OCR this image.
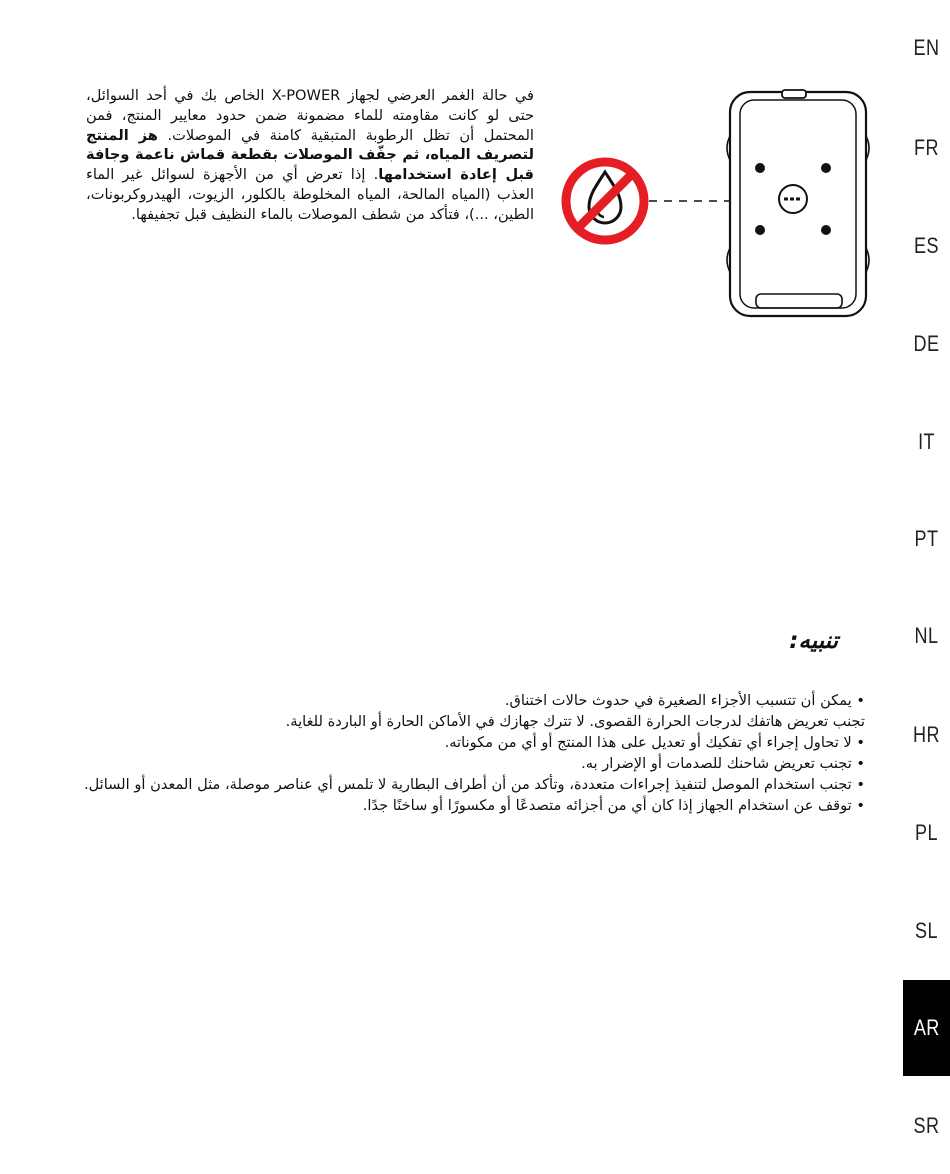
EN
FR
ES
DE
IT
PT
NL
HR
PL
SL
AR
SR
في حالة الغمر العرضي لجهاز X-POWER الخاص بك في أحد السوائل، حتى لو كانت مقاومته للماء مضمونة ضمن حدود معايير المنتج، فمن المحتمل أن تظل الرطوبة المتبقية كامنة في الموصلات. هز المنتج لتصريف المياه، ثم جفّف الموصلات بقطعة قماش ناعمة وجافة قبل إعادة استخدامها. إذا تعرض أي من الأجهزة لسوائل غير الماء العذب (المياه المالحة، المياه المخلوطة بالكلور، الزيوت، الهيدروكربونات، الطين، ...)، فتأكد من شطف الموصلات بالماء النظيف قبل تجفيفها.
تنبيه:
• يمكن أن تتسبب الأجزاء الصغيرة في حدوث حالات اختناق.
تجنب تعريض هاتفك لدرجات الحرارة القصوى. لا تترك جهازك في الأماكن الحارة أو الباردة للغاية.
• لا تحاول إجراء أي تفكيك أو تعديل على هذا المنتج أو أي من مكوناته.
• تجنب تعريض شاحنك للصدمات أو الإضرار به.
• تجنب استخدام الموصل لتنفيذ إجراءات متعددة، وتأكد من أن أطراف البطارية لا تلمس أي عناصر موصلة، مثل المعدن أو السائل.
• توقف عن استخدام الجهاز إذا كان أي من أجزائه متصدعًا أو مكسورًا أو ساخنًا جدًا.
